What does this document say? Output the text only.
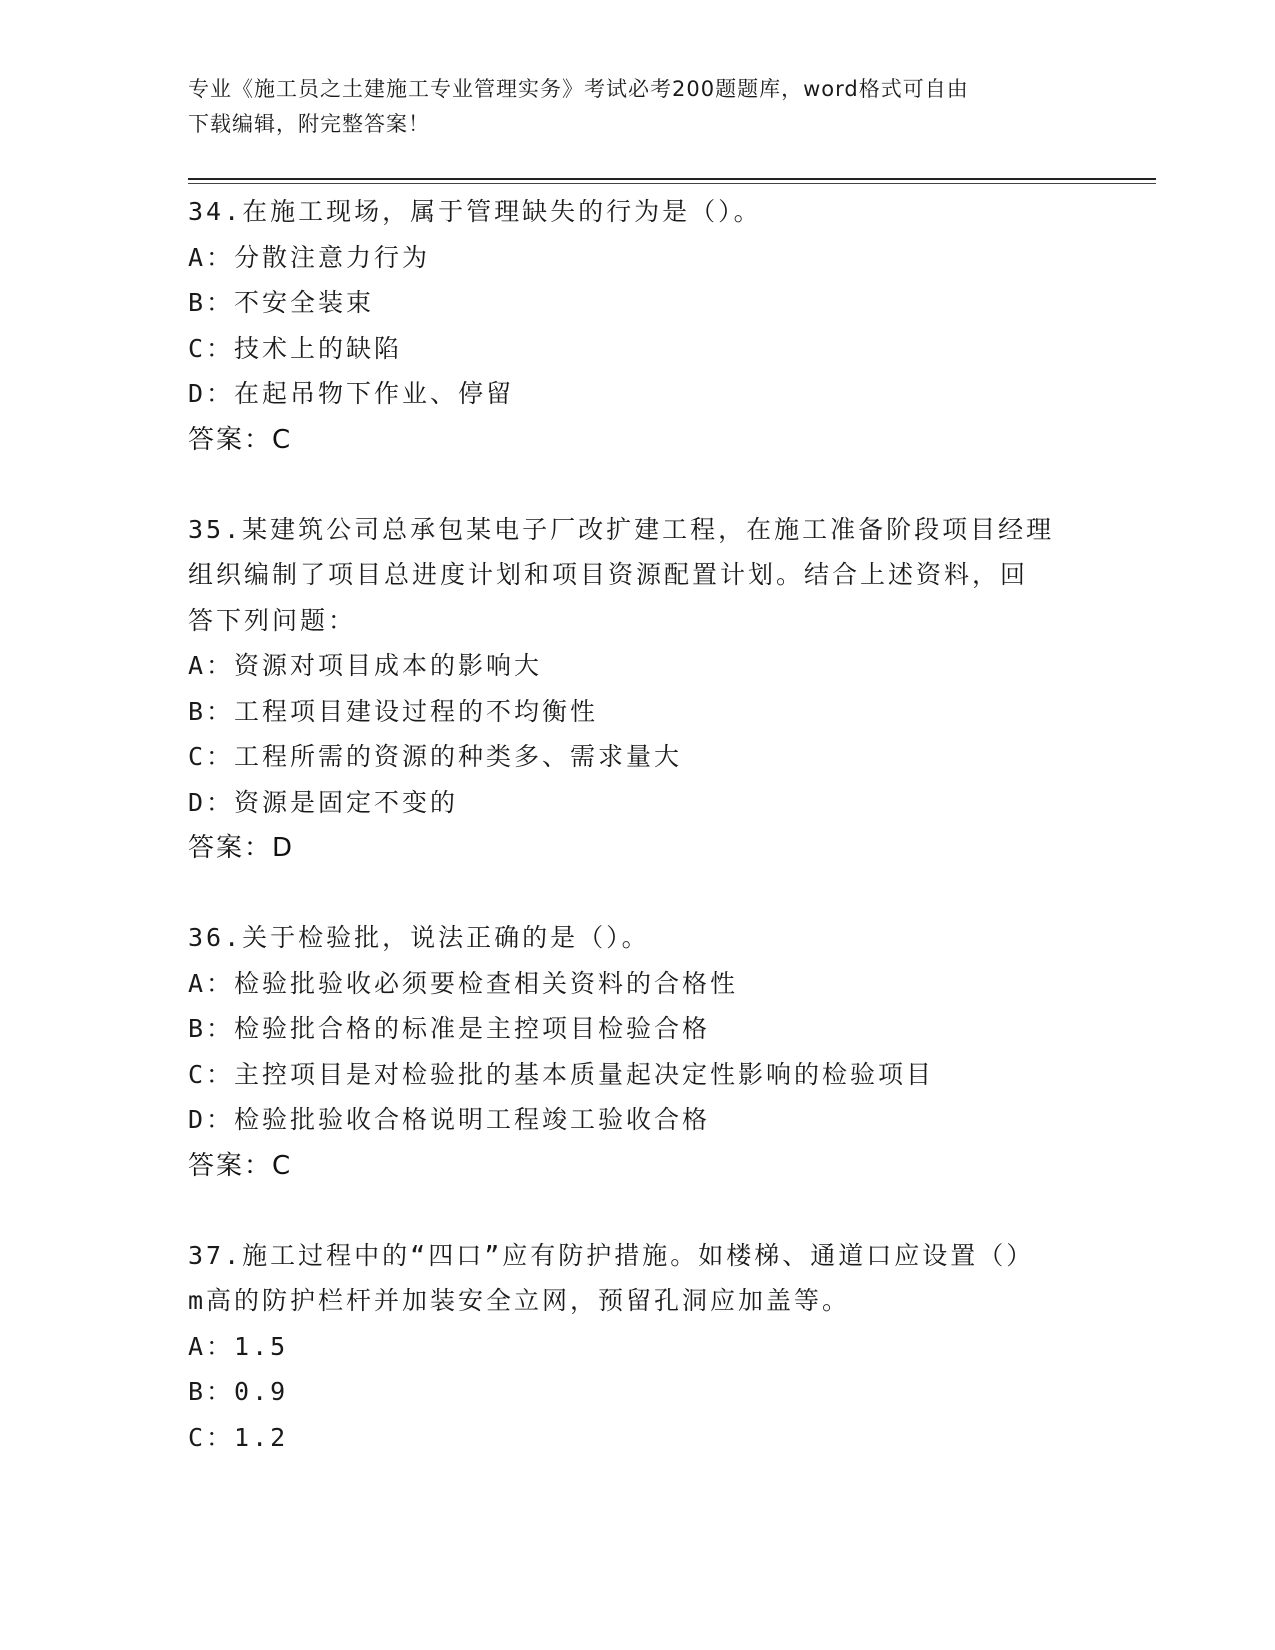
专业《施工员之土建施工专业管理实务》考试必考200题题库，word格式可自由
下载编辑，附完整答案！
34.在施工现场，属于管理缺失的行为是（）。
A：分散注意力行为
B：不安全装束
C：技术上的缺陷
D：在起吊物下作业、停留
答案：C
35.某建筑公司总承包某电子厂改扩建工程，在施工准备阶段项目经理
组织编制了项目总进度计划和项目资源配置计划。结合上述资料，回
答下列问题：
A：资源对项目成本的影响大
B：工程项目建设过程的不均衡性
C：工程所需的资源的种类多、需求量大
D：资源是固定不变的
答案：D
36.关于检验批，说法正确的是（）。
A：检验批验收必须要检查相关资料的合格性
B：检验批合格的标准是主控项目检验合格
C：主控项目是对检验批的基本质量起决定性影响的检验项目
D：检验批验收合格说明工程竣工验收合格
答案：C
37.施工过程中的“四口”应有防护措施。如楼梯、通道口应设置（）
m高的防护栏杆并加装安全立网，预留孔洞应加盖等。
A：1.5
B：0.9
C：1.2
